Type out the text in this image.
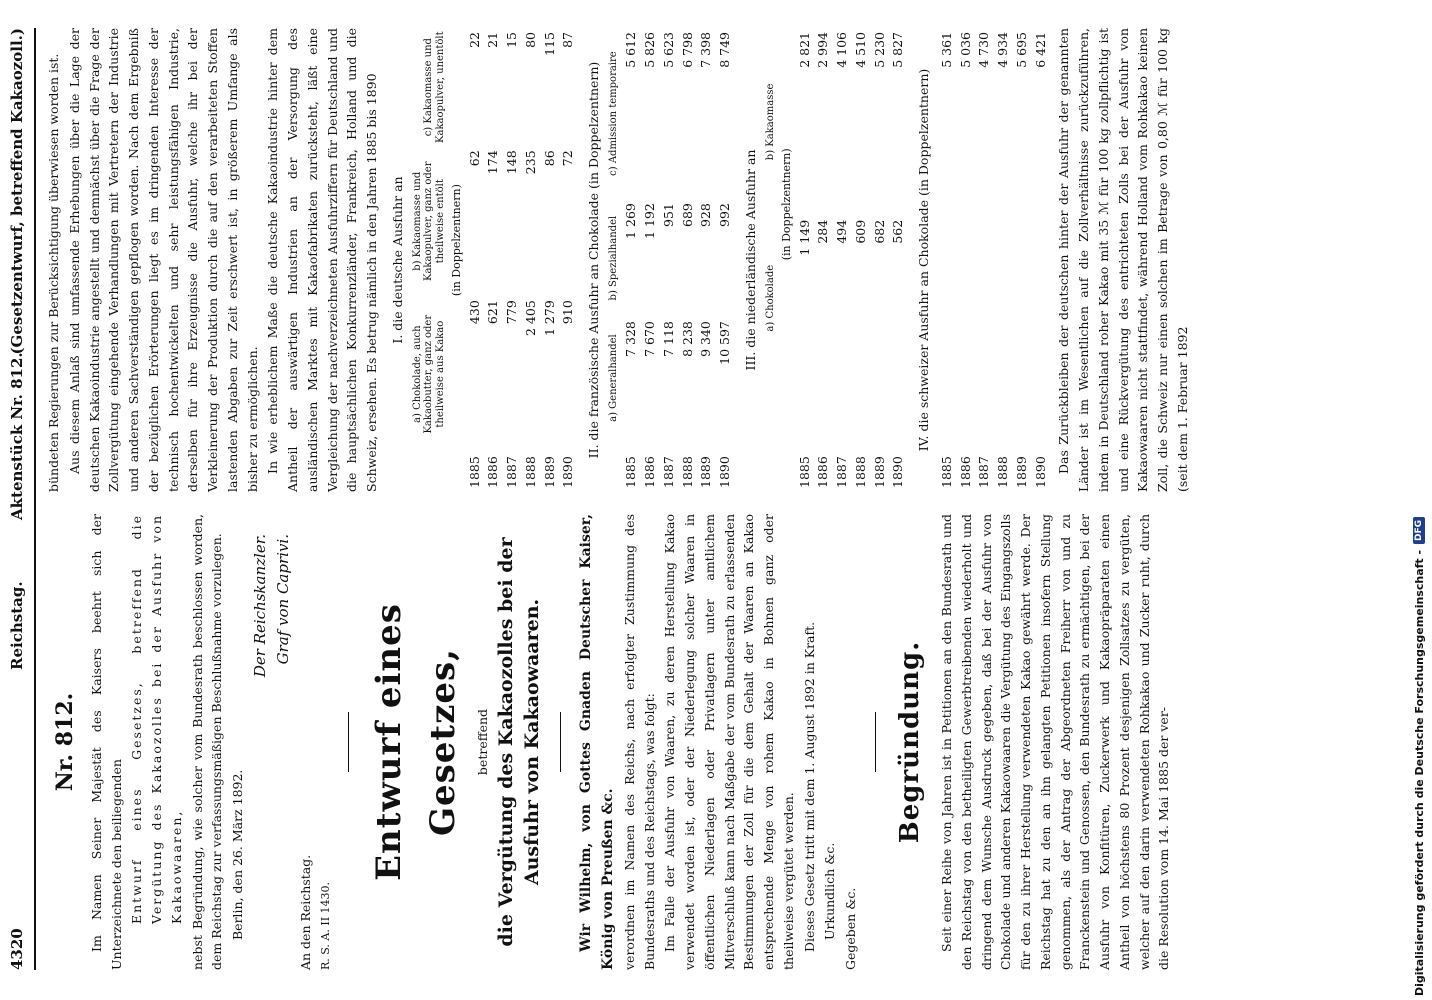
4320
Reichstag.
Aktenstück Nr. 812.
(Gesetzentwurf, betreffend Kakaozoll.)
Nr. 812. Im Namen Seiner Majestät des Kaisers beehrt sich der Unterzeichnete den beiliegenden Entwurf eines Gesetzes, betreffend die Vergütung des Kakaozolles bei der Ausfuhr von Kakaowaaren, nebst Begründung, wie solcher vom Bundesrath beschlossen worden, dem Reichstag zur verfassungsmäßigen Beschlußnahme vorzulegen. Berlin, den 26. März 1892.

Der Reichskanzler. Graf von Caprivi.

An den Reichstag. R. S. A. II 1430.

Entwurf eines Gesetzes, betreffend die Vergütung des Kakaozolles bei der Ausfuhr von Kakaowaaren. Wir Wilhelm, von Gottes Gnaden Deutscher Kaiser, König von Preußen &c. verordnen im Namen des Reichs, nach erfolgter Zustimmung des Bundesraths und des Reichstags, was folgt: Im Falle der Ausfuhr von Waaren, zu deren Herstellung Kakao verwendet worden ist, oder der Niederlegung solcher Waaren in öffentlichen Niederlagen oder Privatlagern unter amtlichem Mitverschluß kann nach Maßgabe der vom Bundesrath zu erlassenden Bestimmungen der Zoll für die dem Gehalt der Waaren an Kakao entsprechende Menge von rohem Kakao in Bohnen ganz oder theilweise vergütet werden. Dieses Gesetz tritt mit dem 1. August 1892 in Kraft. Urkundlich &c. Gegeben &c.

Begründung.	Seit einer Reihe von Jahren ist in Petitionen an den Bundesrath und den Reichstag von den betheiligten Gewerbtreibenden wiederholt und dringend dem Wunsche Ausdruck gegeben, daß bei der Ausfuhr von Chokolade und anderen Kakaowaaren die Vergütung des Eingangszolls für den zu ihrer Herstellung verwendeten Kakao gewährt werde. Der Reichstag hat zu den an ihn gelangten Petitionen insofern Stellung genommen, als der Antrag der Abgeordneten Freiherr von und zu Franckenstein und Genossen, den Bundesrath zu ermächtigen, bei der Ausfuhr von Konfitüren, Zuckerwerk und Kakaopräparaten einen Antheil von höchstens 80 Prozent desjenigen Zollsatzes zu vergüten, welcher auf den darin verwendeten Rohkakao und Zucker ruht, durch die Resolution vom 14. Mai 1885 der ver-

bündeten Regierungen zur Berücksichtigung überwiesen worden ist. Aus diesem Anlaß sind umfassende Erhebungen über die Lage der deutschen Kakaoindustrie angestellt und demnächst über die Frage der Zollvergütung eingehende Verhandlungen mit Vertretern der Industrie und anderen Sachverständigen gepflogen worden. Nach dem Ergebniß der bezüglichen Erörterungen liegt es im dringenden Interesse der technisch hochentwickelten und sehr leistungsfähigen Industrie, derselben für ihre Erzeugnisse die Ausfuhr, welche ihr bei der Verkleinerung der Produktion durch die auf den verarbeiteten Stoffen lastenden Abgaben zur Zeit erschwert ist, in größerem Umfange als bisher zu ermöglichen. In wie erheblichem Maße die deutsche Kakaoindustrie hinter dem Antheil der auswärtigen Industrien an der Versorgung des ausländischen Marktes mit Kakaofabrikaten zurücksteht, läßt eine Vergleichung der nachverzeichneten Ausfuhrziffern für Deutschland und die hauptsächlichen Konkurrenzländer, Frankreich, Holland und die Schweiz, ersehen. Es betrug nämlich in den Jahren 1885 bis 1890 I. die deutsche Ausfuhr an
	a) Chokolade, auch Kakaobutter, ganz oder theilweise aus Kakao	b) Kakaomasse und Kakaopulver, ganz oder theilweise entölt	c) Kakaomasse und Kakaopulver, unentölt
	(in Doppelzentnern)		
1885	430	62	22
1886	621	174	21
1887	779	148	15
1888	2 405	235	80
1889	1 279	86	115
1890	910	72	87
II. die französische Ausfuhr an Chokolade (in Doppelzentnern)
	a) Generalhandel	b) Spezialhandel	c) Admission temporaire
1885	7 328	1 269	5 612
1886	7 670	1 192	5 826
1887	7 118	951	5 623
1888	8 238	689	6 798
1889	9 340	928	7 398
1890	10 597	992	8 749
III. die niederländische Ausfuhr an
		a) Chokolade	b) Kakaomasse
		(in Doppelzentnern)	
1885		1 149	2 821
1886		284	2 994
1887		494	4 106
1888		609	4 510
1889		682	5 230
1890		562	5 827
IV. die schweizer Ausfuhr an Chokolade (in Doppelzentnern)
1885	5 361
1886	5 036
1887	4 730
1888	4 934
1889	5 695
1890	6 421 Das Zurückbleiben der deutschen hinter der Ausfuhr der genannten Länder ist im Wesentlichen auf die Zollverhältnisse zurückzuführen, indem in Deutschland roher Kakao mit 35 ℳ für 100 kg zollpflichtig ist und eine Rückvergütung des entrichteten Zolls bei der Ausfuhr von Kakaowaaren nicht stattfindet, während Holland vom Rohkakao keinen Zoll, die Schweiz nur einen solchen im Betrage von 0,80 ℳ für 100 kg (seit dem 1. Februar 1892

Digitalisierung gefördert durch die Deutsche Forschungsgemeinschaft -
DFG
